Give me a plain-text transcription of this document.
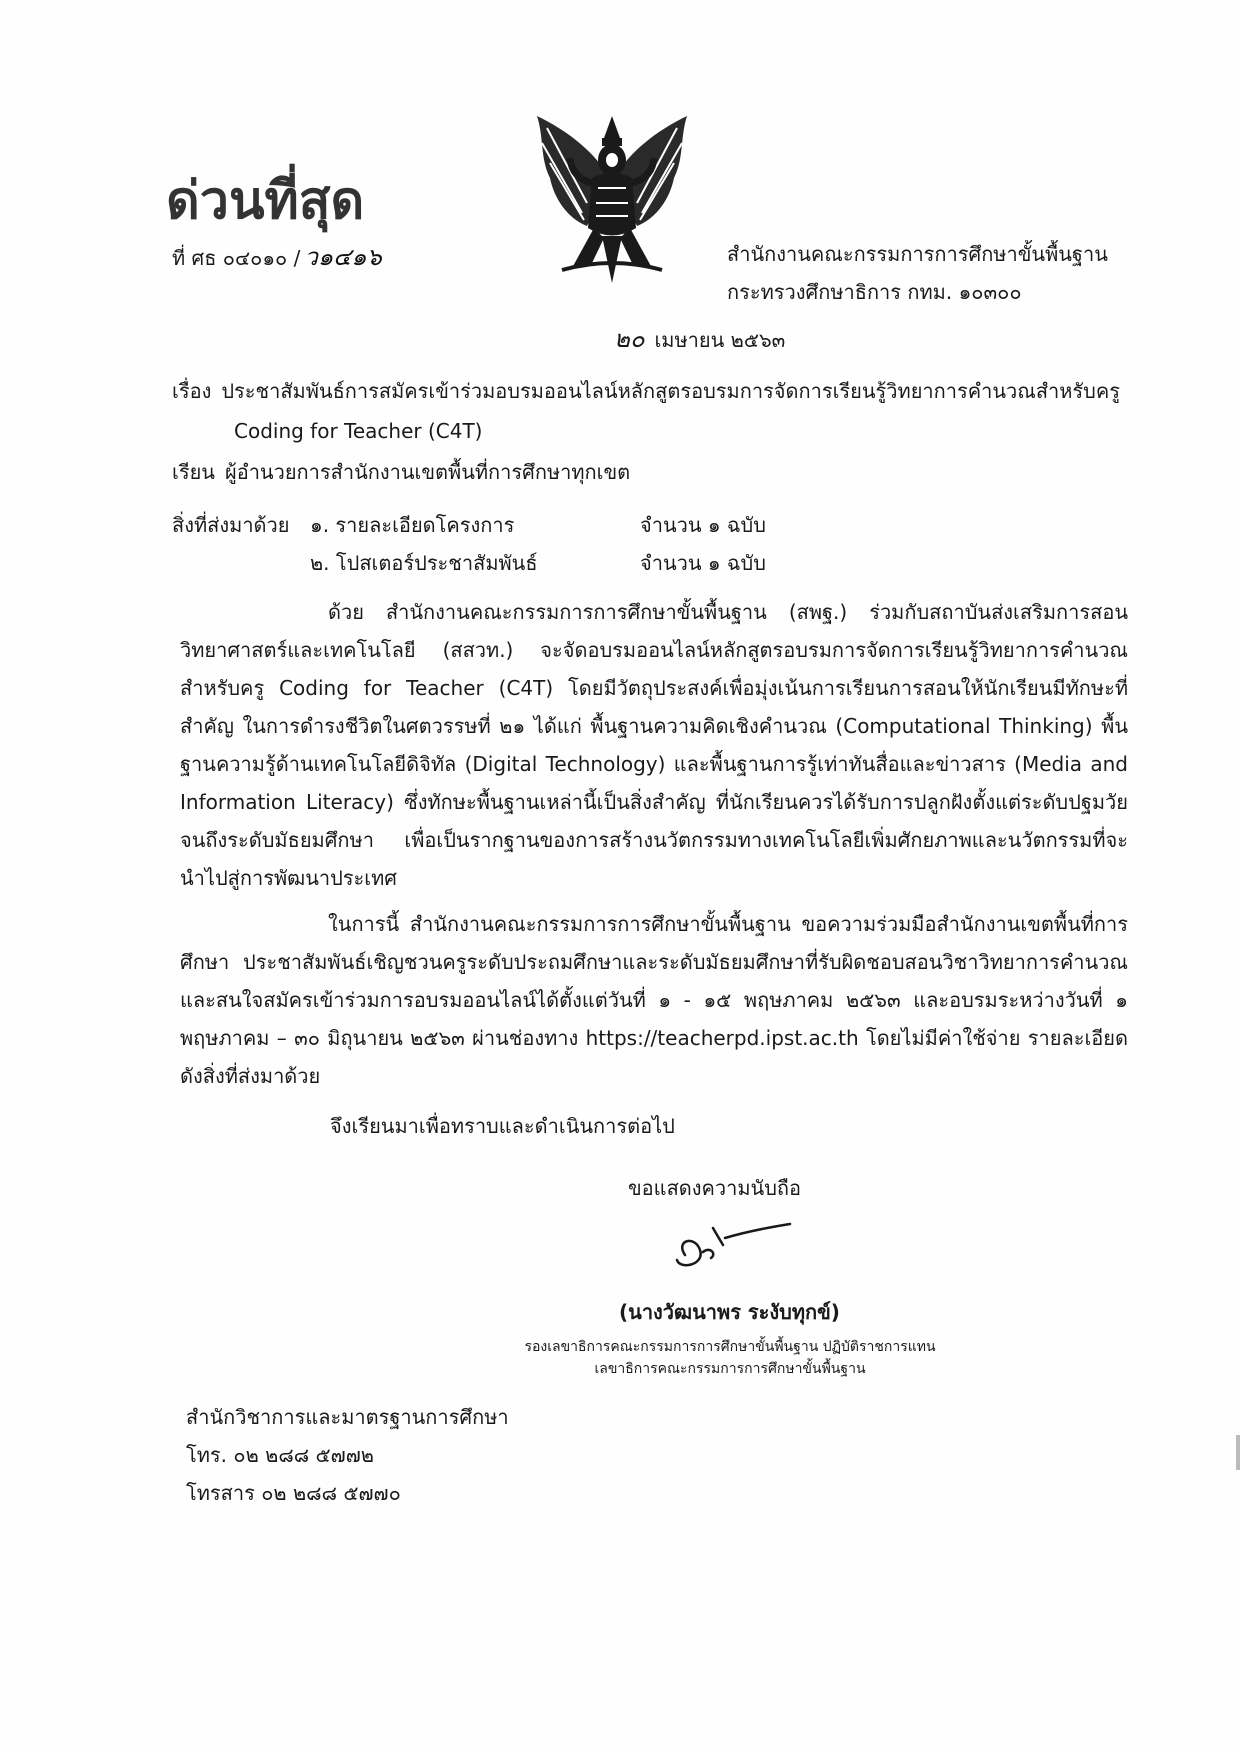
ด่วนที่สุด
ที่ ศธ ๐๔๐๑๐ / ว๑๔๑๖	สำนักงานคณะกรรมการการศึกษาขั้นพื้นฐาน
กระทรวงศึกษาธิการ กทม. ๑๐๓๐๐
๒๐ เมษายน ๒๕๖๓
เรื่อง ประชาสัมพันธ์การสมัครเข้าร่วมอบรมออนไลน์หลักสูตรอบรมการจัดการเรียนรู้วิทยาการคำนวณสำหรับครู
Coding for Teacher (C4T)
เรียน ผู้อำนวยการสำนักงานเขตพื้นที่การศึกษาทุกเขต
สิ่งที่ส่งมาด้วย	๑. รายละเอียดโครงการ	จำนวน ๑ ฉบับ
๒. โปสเตอร์ประชาสัมพันธ์	จำนวน ๑ ฉบับ
ด้วย สำนักงานคณะกรรมการการศึกษาขั้นพื้นฐาน (สพฐ.) ร่วมกับสถาบันส่งเสริมการสอนวิทยาศาสตร์และเทคโนโลยี (สสวท.) จะจัดอบรมออนไลน์หลักสูตรอบรมการจัดการเรียนรู้วิทยาการคำนวณสำหรับครู Coding for Teacher (C4T) โดยมีวัตถุประสงค์เพื่อมุ่งเน้นการเรียนการสอนให้นักเรียนมีทักษะที่สำคัญ ในการดำรงชีวิตในศตวรรษที่ ๒๑ ได้แก่ พื้นฐานความคิดเชิงคำนวณ (Computational Thinking) พื้นฐานความรู้ด้านเทคโนโลยีดิจิทัล (Digital Technology) และพื้นฐานการรู้เท่าทันสื่อและข่าวสาร (Media and Information Literacy) ซึ่งทักษะพื้นฐานเหล่านี้เป็นสิ่งสำคัญ ที่นักเรียนควรได้รับการปลูกฝังตั้งแต่ระดับปฐมวัยจนถึงระดับมัธยมศึกษา เพื่อเป็นรากฐานของการสร้างนวัตกรรมทางเทคโนโลยีเพิ่มศักยภาพและนวัตกรรมที่จะนำไปสู่การพัฒนาประเทศ
ในการนี้ สำนักงานคณะกรรมการการศึกษาขั้นพื้นฐาน ขอความร่วมมือสำนักงานเขตพื้นที่การศึกษา ประชาสัมพันธ์เชิญชวนครูระดับประถมศึกษาและระดับมัธยมศึกษาที่รับผิดชอบสอนวิชาวิทยาการคำนวณและสนใจสมัครเข้าร่วมการอบรมออนไลน์ได้ตั้งแต่วันที่ ๑ - ๑๕ พฤษภาคม ๒๕๖๓ และอบรมระหว่างวันที่ ๑ พฤษภาคม – ๓๐ มิถุนายน ๒๕๖๓ ผ่านช่องทาง https://teacherpd.ipst.ac.th โดยไม่มีค่าใช้จ่าย รายละเอียดดังสิ่งที่ส่งมาด้วย
จึงเรียนมาเพื่อทราบและดำเนินการต่อไป
ขอแสดงความนับถือ
(นางวัฒนาพร ระงับทุกข์)
รองเลขาธิการคณะกรรมการการศึกษาขั้นพื้นฐาน ปฏิบัติราชการแทน
เลขาธิการคณะกรรมการการศึกษาขั้นพื้นฐาน
สำนักวิชาการและมาตรฐานการศึกษา
โทร. ๐๒ ๒๘๘ ๕๗๗๒
โทรสาร ๐๒ ๒๘๘ ๕๗๗๐
